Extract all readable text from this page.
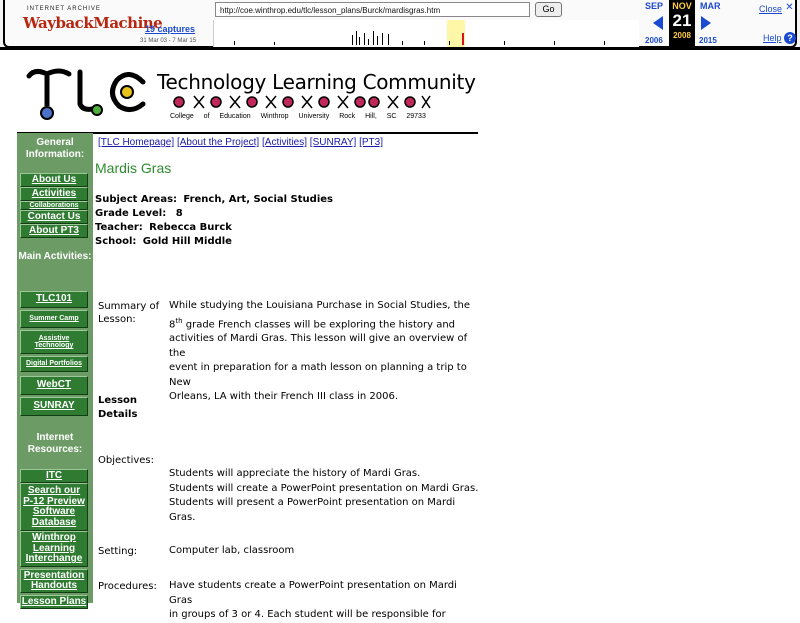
INTERNET ARCHIVE
WaybackMachine
http://coe.winthrop.edu/tlc/lesson_plans/Burck/mardisgras.htm	Go
19 captures
31 Mar 03 - 7 Mar 15
SEP
2006
NOV
21
2008
MAR
2015
Close ✕
Help ?
Technology Learning Community
College of Education Winthrop University Rock Hill, SC 29733
General Information:
About Us
Activities
Collaborations
Contact Us
About PT3
Main Activities:
TLC101
Summer Camp
Assistive Technology
Digital Portfolios
WebCT
SUNRAY
Internet Resources:
ITC
Search our P-12 Preview Software Database
Winthrop Learning Interchange
Presentation Handouts
Lesson Plans
[TLC Homepage] [About the Project] [Activities] [SUNRAY] [PT3]
Mardis Gras
Subject Areas: French, Art, Social Studies
Grade Level: 8
Teacher: Rebecca Burck
School: Gold Hill Middle
Summary of Lesson:
While studying the Louisiana Purchase in Social Studies, the
8th grade French classes will be exploring the history and
activities of Mardi Gras. This lesson will give an overview of the
event in preparation for a math lesson on planning a trip to New
Orleans, LA with their French III class in 2006.
Lesson Details
Objectives:
Students will appreciate the history of Mardi Gras.
Students will create a PowerPoint presentation on Mardi Gras.
Students will present a PowerPoint presentation on Mardi Gras.
Setting:	Computer lab, classroom
Procedures: Have students create a PowerPoint presentation on Mardi Gras
in groups of 3 or 4. Each student will be responsible for
